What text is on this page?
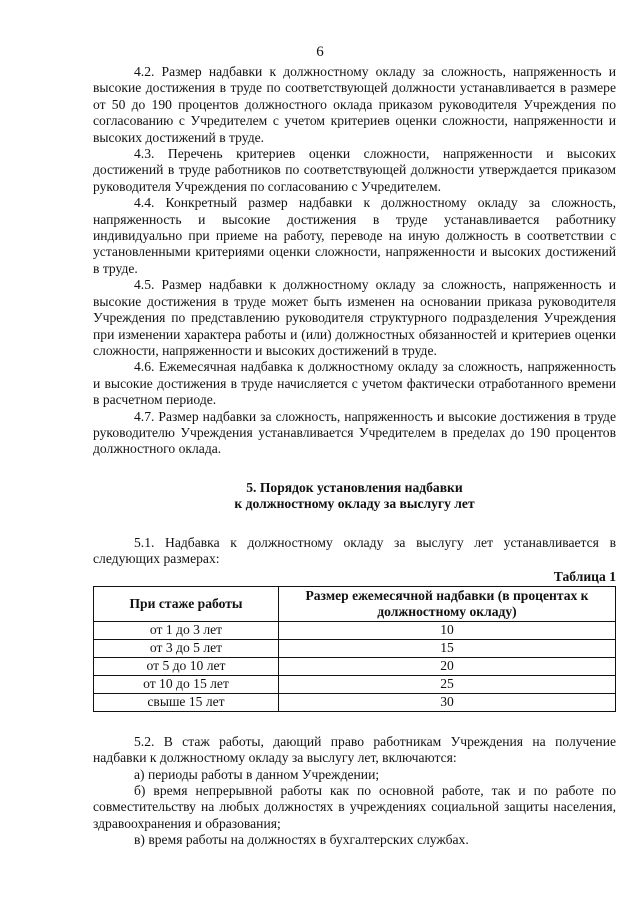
6

4.2. Размер надбавки к должностному окладу за сложность, напряженность и высокие достижения в труде по соответствующей должности устанавливается в размере от 50 до 190 процентов должностного оклада приказом руководителя Учреждения по согласованию с Учредителем с учетом критериев оценки сложности, напряженности и высоких достижений в труде.

4.3. Перечень критериев оценки сложности, напряженности и высоких достижений в труде работников по соответствующей должности утверждается приказом руководителя Учреждения по согласованию с Учредителем.

4.4. Конкретный размер надбавки к должностному окладу за сложность, напряженность и высокие достижения в труде устанавливается работнику индивидуально при приеме на работу, переводе на иную должность в соответствии с установленными критериями оценки сложности, напряженности и высоких достижений в труде.

4.5. Размер надбавки к должностному окладу за сложность, напряженность и высокие достижения в труде может быть изменен на основании приказа руководителя Учреждения по представлению руководителя структурного подразделения Учреждения при изменении характера работы и (или) должностных обязанностей и критериев оценки сложности, напряженности и высоких достижений в труде.

4.6. Ежемесячная надбавка к должностному окладу за сложность, напряженность и высокие достижения в труде начисляется с учетом фактически отработанного времени в расчетном периоде.

4.7. Размер надбавки за сложность, напряженность и высокие достижения в труде руководителю Учреждения устанавливается Учредителем в пределах до 190 процентов должностного оклада.

5. Порядок установления надбавки
к должностному окладу за выслугу лет

5.1. Надбавка к должностному окладу за выслугу лет устанавливается в следующих размерах:

Таблица 1
При стаже работы	Размер ежемесячной надбавки (в процентах к должностному окладу)
от 1 до 3 лет	10
от 3 до 5 лет	15
от 5 до 10 лет	20
от 10 до 15 лет	25
свыше 15 лет	30

5.2. В стаж работы, дающий право работникам Учреждения на получение надбавки к должностному окладу за выслугу лет, включаются:

а) периоды работы в данном Учреждении;

б) время непрерывной работы как по основной работе, так и по работе по совместительству на любых должностях в учреждениях социальной защиты населения, здравоохранения и образования;

в) время работы на должностях в бухгалтерских службах.
